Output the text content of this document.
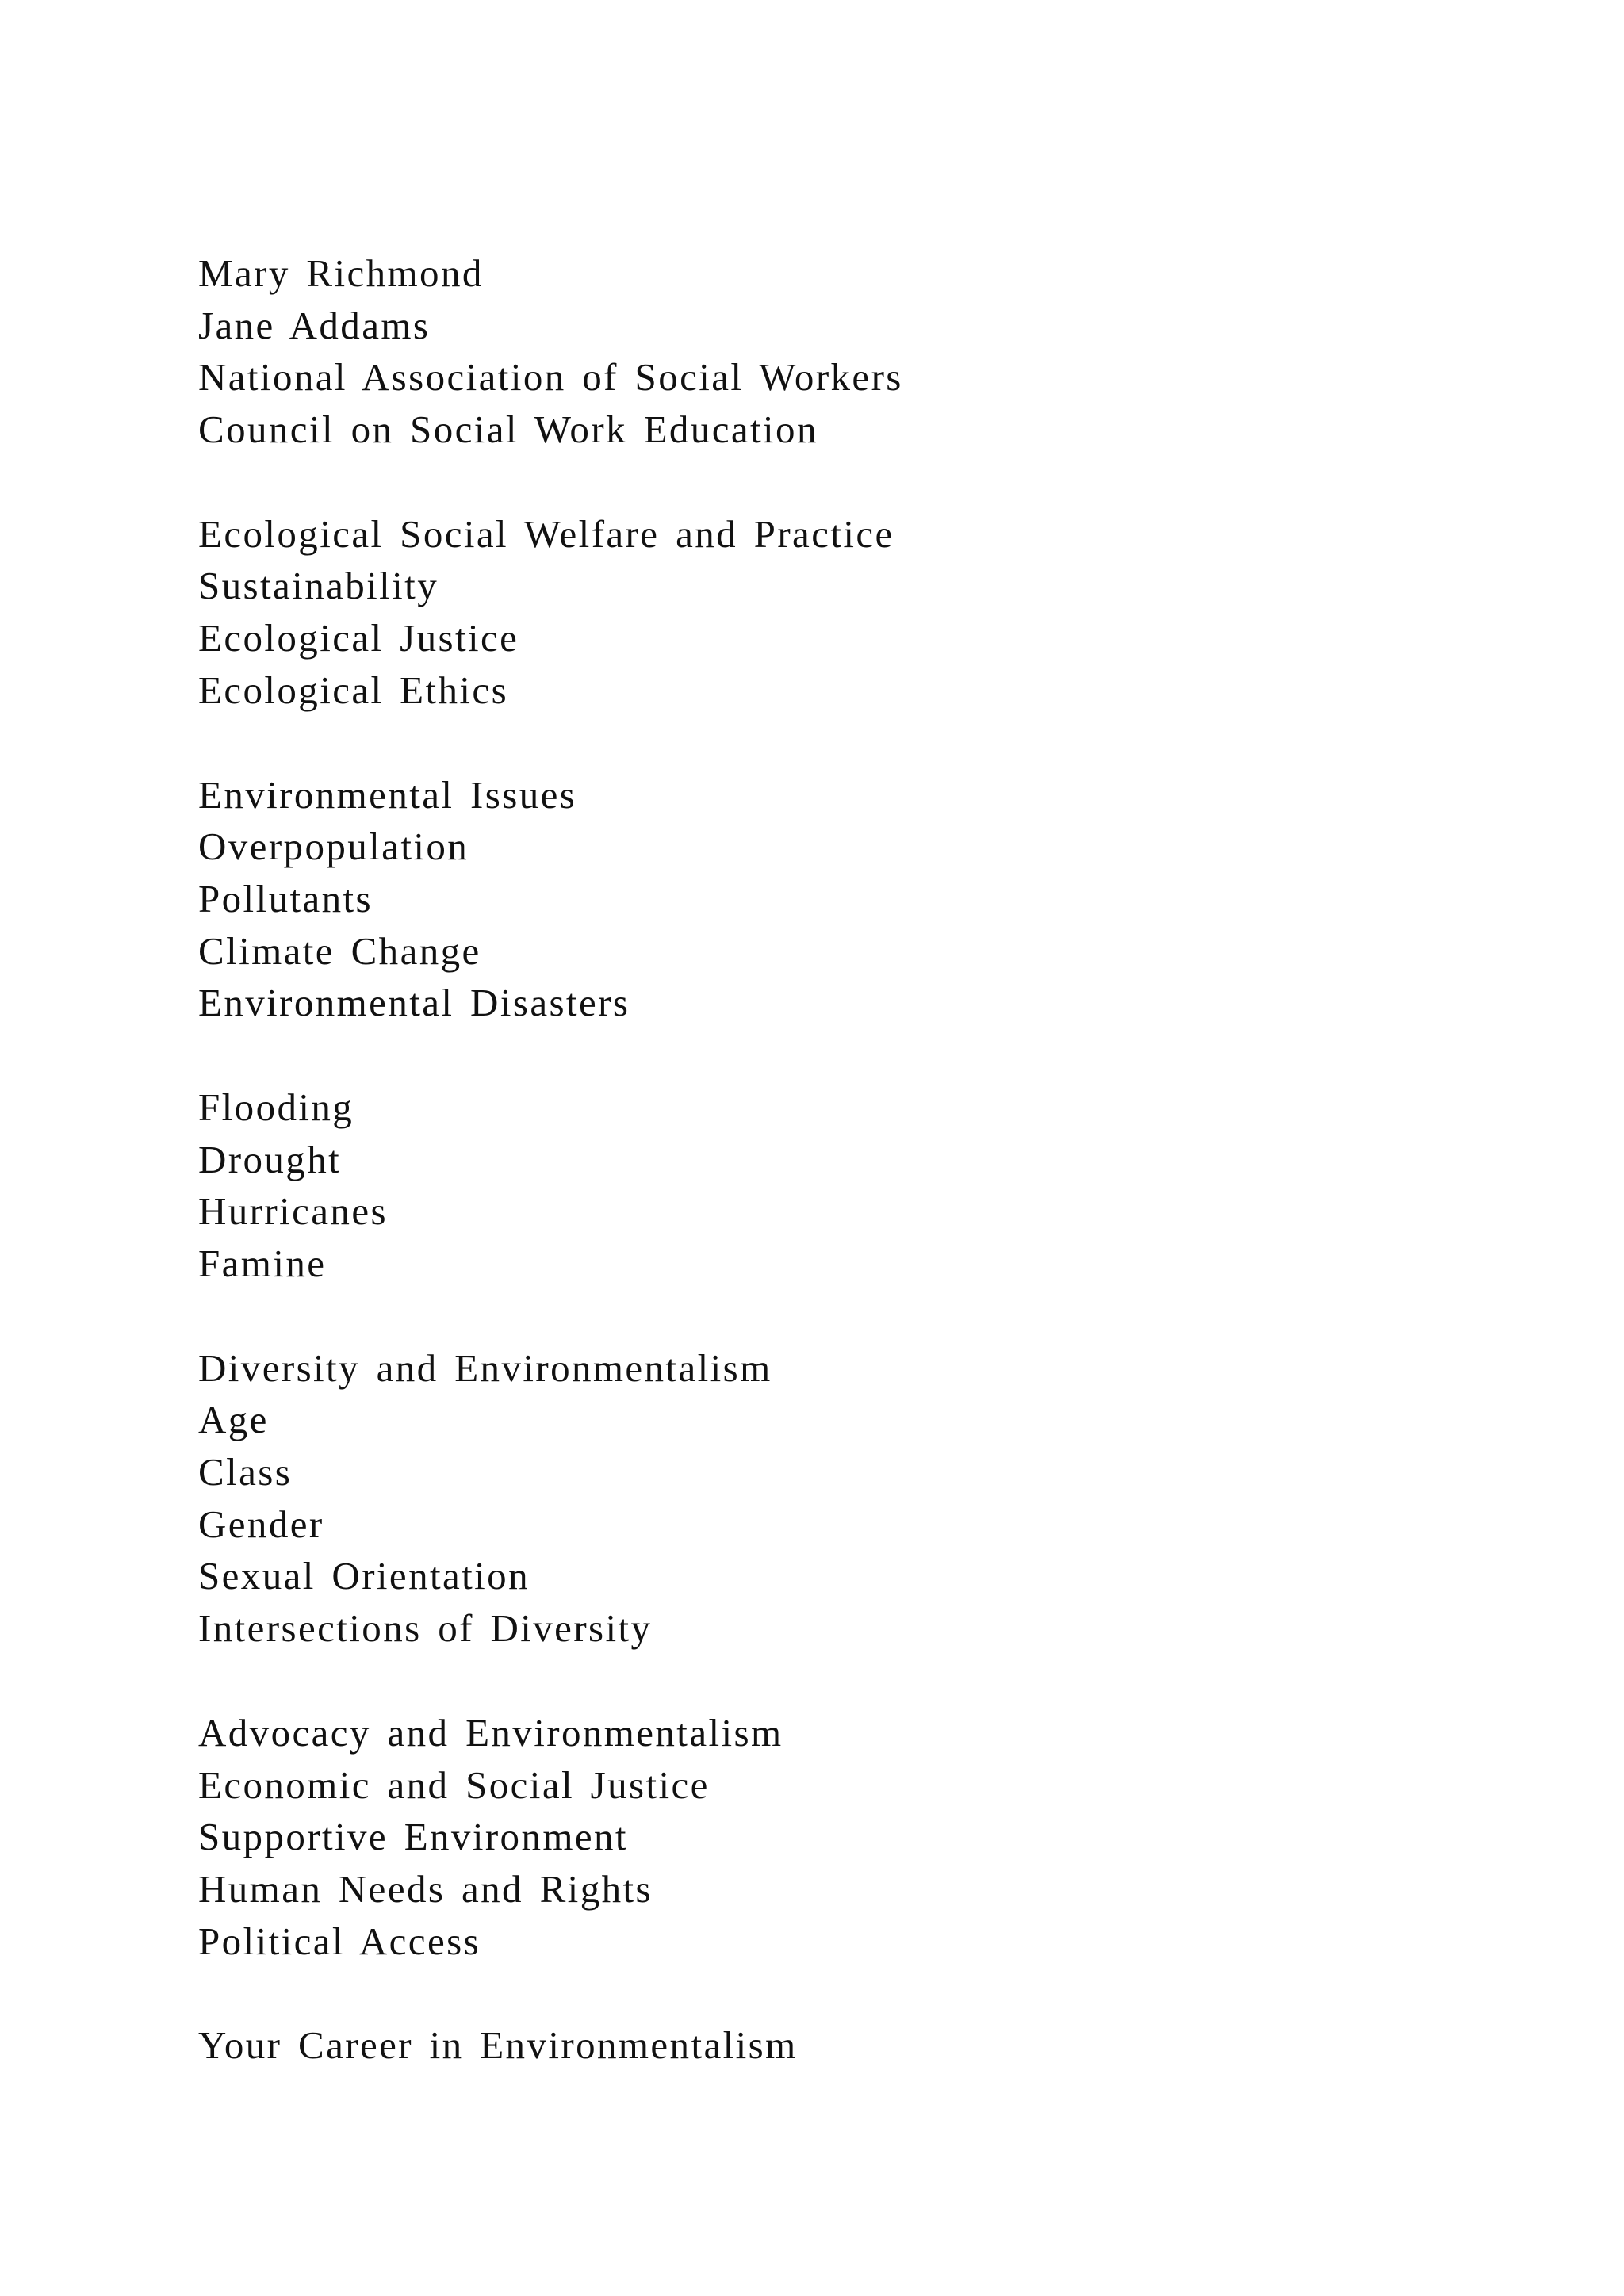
Mary Richmond
Jane Addams
National Association of Social Workers
Council on Social Work Education
Ecological Social Welfare and Practice
Sustainability
Ecological Justice
Ecological Ethics
Environmental Issues
Overpopulation
Pollutants
Climate Change
Environmental Disasters
Flooding
Drought
Hurricanes
Famine
Diversity and Environmentalism
Age
Class
Gender
Sexual Orientation
Intersections of Diversity
Advocacy and Environmentalism
Economic and Social Justice
Supportive Environment
Human Needs and Rights
Political Access
Your Career in Environmentalism
